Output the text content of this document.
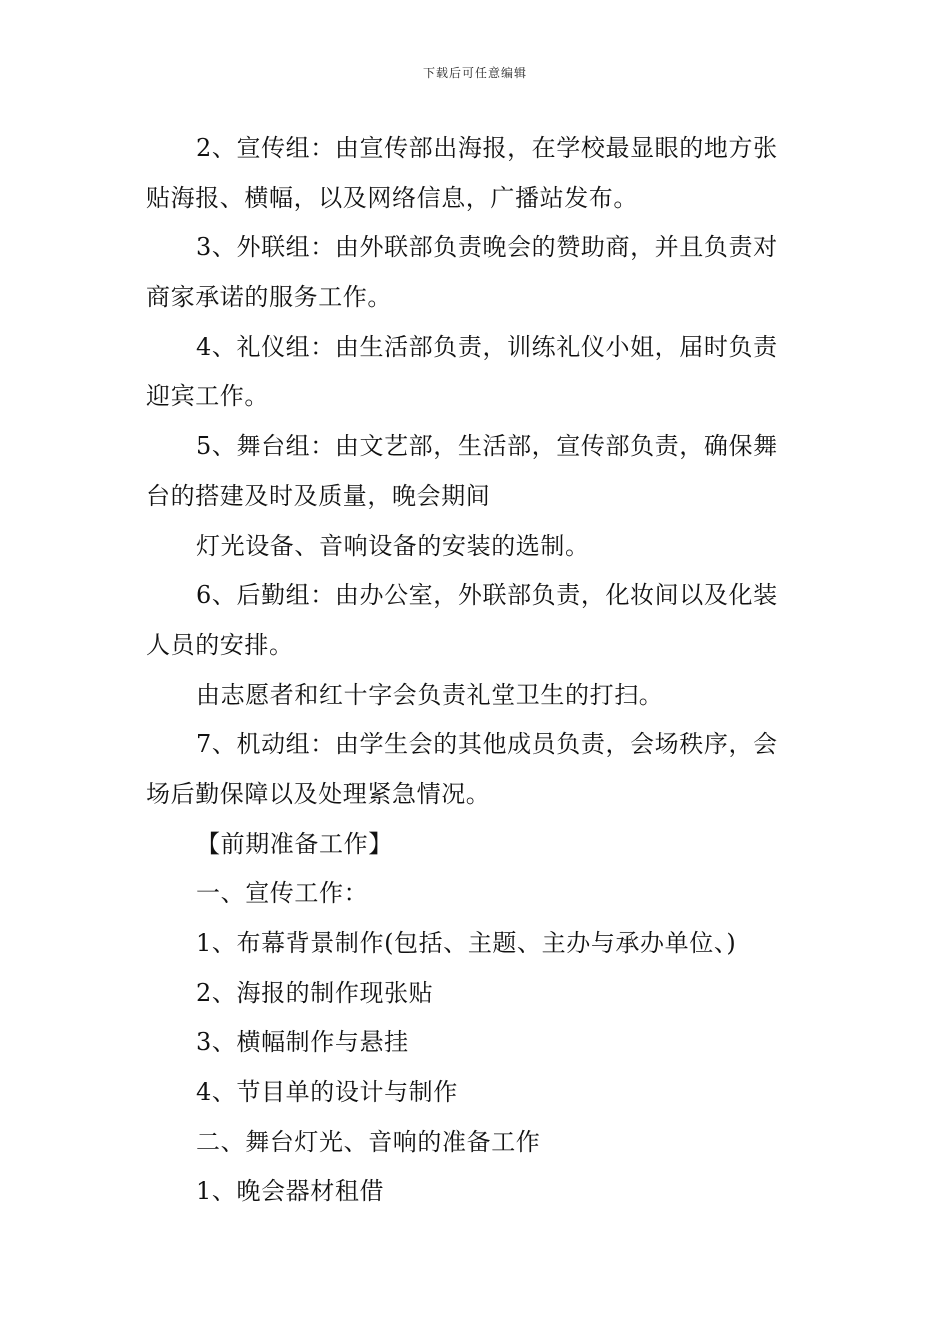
下载后可任意编辑
2、宣传组：由宣传部出海报，在学校最显眼的地方张
贴海报、横幅，以及网络信息，广播站发布。
3、外联组：由外联部负责晚会的赞助商，并且负责对
商家承诺的服务工作。
4、礼仪组：由生活部负责，训练礼仪小姐，届时负责
迎宾工作。
5、舞台组：由文艺部，生活部，宣传部负责，确保舞
台的搭建及时及质量，晚会期间
灯光设备、音响设备的安装的选制。
6、后勤组：由办公室，外联部负责，化妆间以及化装
人员的安排。
由志愿者和红十字会负责礼堂卫生的打扫。
7、机动组：由学生会的其他成员负责，会场秩序，会
场后勤保障以及处理紧急情况。
【前期准备工作】
一、宣传工作：
1、布幕背景制作(包括、主题、主办与承办单位、)
2、海报的制作现张贴
3、横幅制作与悬挂
4、节目单的设计与制作
二、舞台灯光、音响的准备工作
1、晚会器材租借
